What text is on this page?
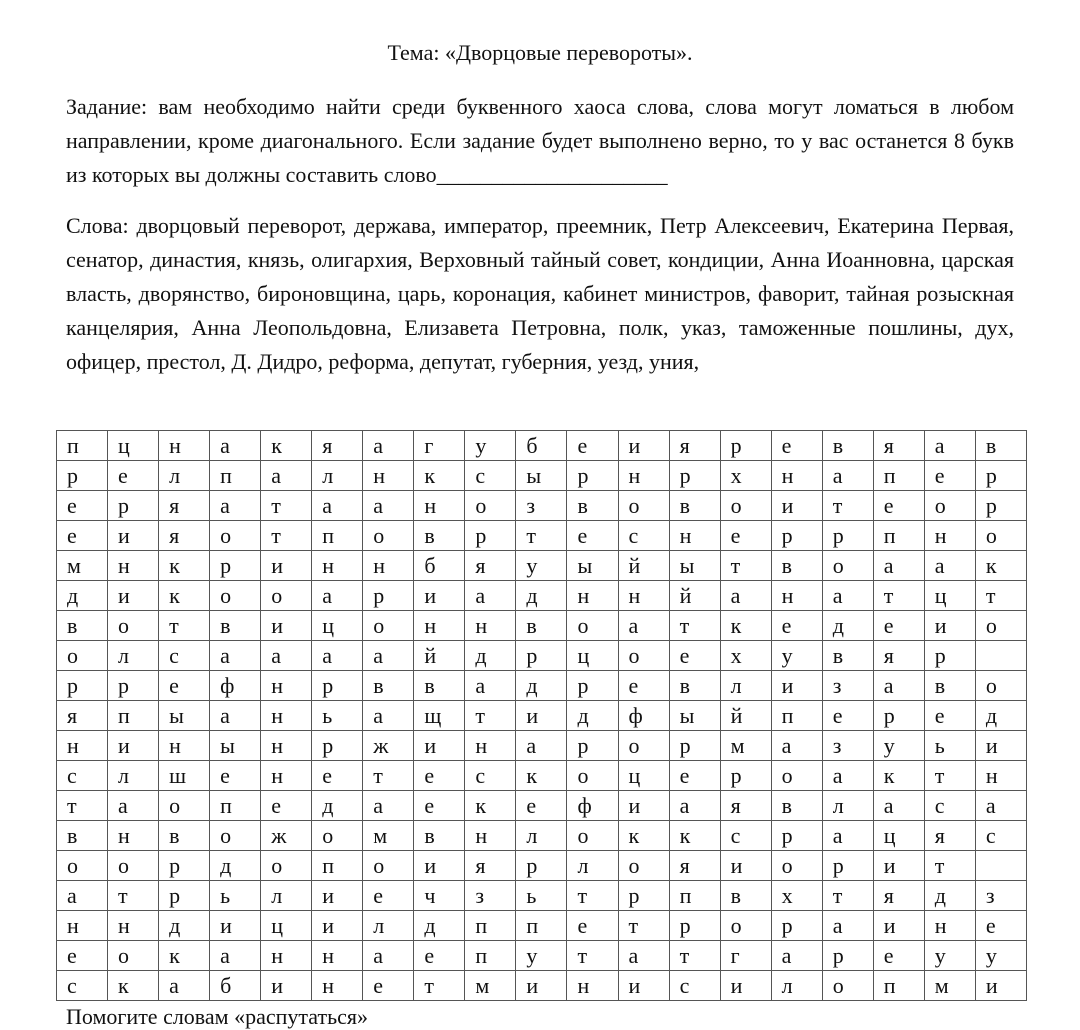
Тема: «Дворцовые перевороты».
Задание: вам необходимо найти среди буквенного хаоса слова, слова могут ломаться в любом направлении, кроме диагонального. Если задание будет выполнено верно, то у вас останется 8 букв из которых вы должны составить слово_____________________
Слова: дворцовый переворот, держава, император, преемник, Петр Алексеевич, Екатерина Первая, сенатор, династия, князь, олигархия, Верховный тайный совет, кондиции, Анна Иоанновна, царская власть, дворянство, бироновщина, царь, коронация, кабинет министров, фаворит, тайная розыскная канцелярия, Анна Леопольдовна, Елизавета Петровна, полк, указ, таможенные пошлины, дух, офицер, престол, Д. Дидро, реформа, депутат, губерния, уезд, уния,
п	ц	н	а	к	я	а	г	у	б	е	и	я	р	е	в	я	а	в
р	е	л	п	а	л	н	к	с	ы	р	н	р	х	н	а	п	е	р
е	р	я	а	т	а	а	н	о	з	в	о	в	о	и	т	е	о	р
е	и	я	о	т	п	о	в	р	т	е	с	н	е	р	р	п	н	о
м	н	к	р	и	н	н	б	я	у	ы	й	ы	т	в	о	а	а	к
д	и	к	о	о	а	р	и	а	д	н	н	й	а	н	а	т	ц	т
в	о	т	в	и	ц	о	н	н	в	о	а	т	к	е	д	е	и	о
о	л	с	а	а	а	а	й	д	р	ц	о	е	х	у	в	я	р	
р	р	е	ф	н	р	в	в	а	д	р	е	в	л	и	з	а	в	о
я	п	ы	а	н	ь	а	щ	т	и	д	ф	ы	й	п	е	р	е	д
н	и	н	ы	н	р	ж	и	н	а	р	о	р	м	а	з	у	ь	и
с	л	ш	е	н	е	т	е	с	к	о	ц	е	р	о	а	к	т	н
т	а	о	п	е	д	а	е	к	е	ф	и	а	я	в	л	а	с	а
в	н	в	о	ж	о	м	в	н	л	о	к	к	с	р	а	ц	я	с
о	о	р	д	о	п	о	и	я	р	л	о	я	и	о	р	и	т	
а	т	р	ь	л	и	е	ч	з	ь	т	р	п	в	х	т	я	д	з
н	н	д	и	ц	и	л	д	п	п	е	т	р	о	р	а	и	н	е
е	о	к	а	н	н	а	е	п	у	т	а	т	г	а	р	е	у	у
с	к	а	б	и	н	е	т	м	и	н	и	с	и	л	о	п	м	и
Помогите словам «распутаться»
